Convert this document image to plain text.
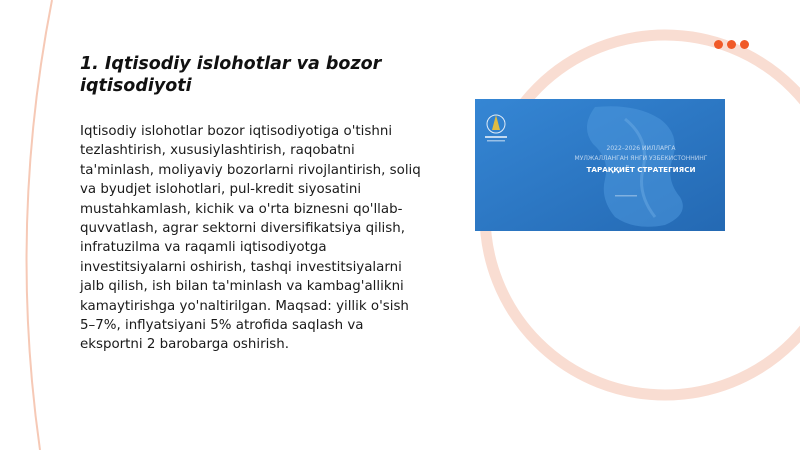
1. Iqtisodiy islohotlar va bozor iqtisodiyoti

Iqtisodiy islohotlar bozor iqtisodiyotiga o'tishni tezlashtirish, xususiylashtirish, raqobatni ta'minlash, moliyaviy bozorlarni rivojlantirish, soliq va byudjet islohotlari, pul-kredit siyosatini mustahkamlash, kichik va o'rta biznesni qo'llab-quvvatlash, agrar sektorni diversifikatsiya qilish, infratuzilma va raqamli iqtisodiyotga investitsiyalarni oshirish, tashqi investitsiyalarni jalb qilish, ish bilan ta'minlash va kambag'allikni kamaytirishga yo'naltirilgan. Maqsad: yillik o'sish 5–7%, inflyatsiyani 5% atrofida saqlash va eksportni 2 barobarga oshirish.

2022–2026 ЙИЛЛАРГА
МЎЛЖАЛЛАНГАН ЯНГИ ЎЗБЕКИСТОННИНГ
ТАРАҚҚИЁТ СТРАТЕГИЯСИ
